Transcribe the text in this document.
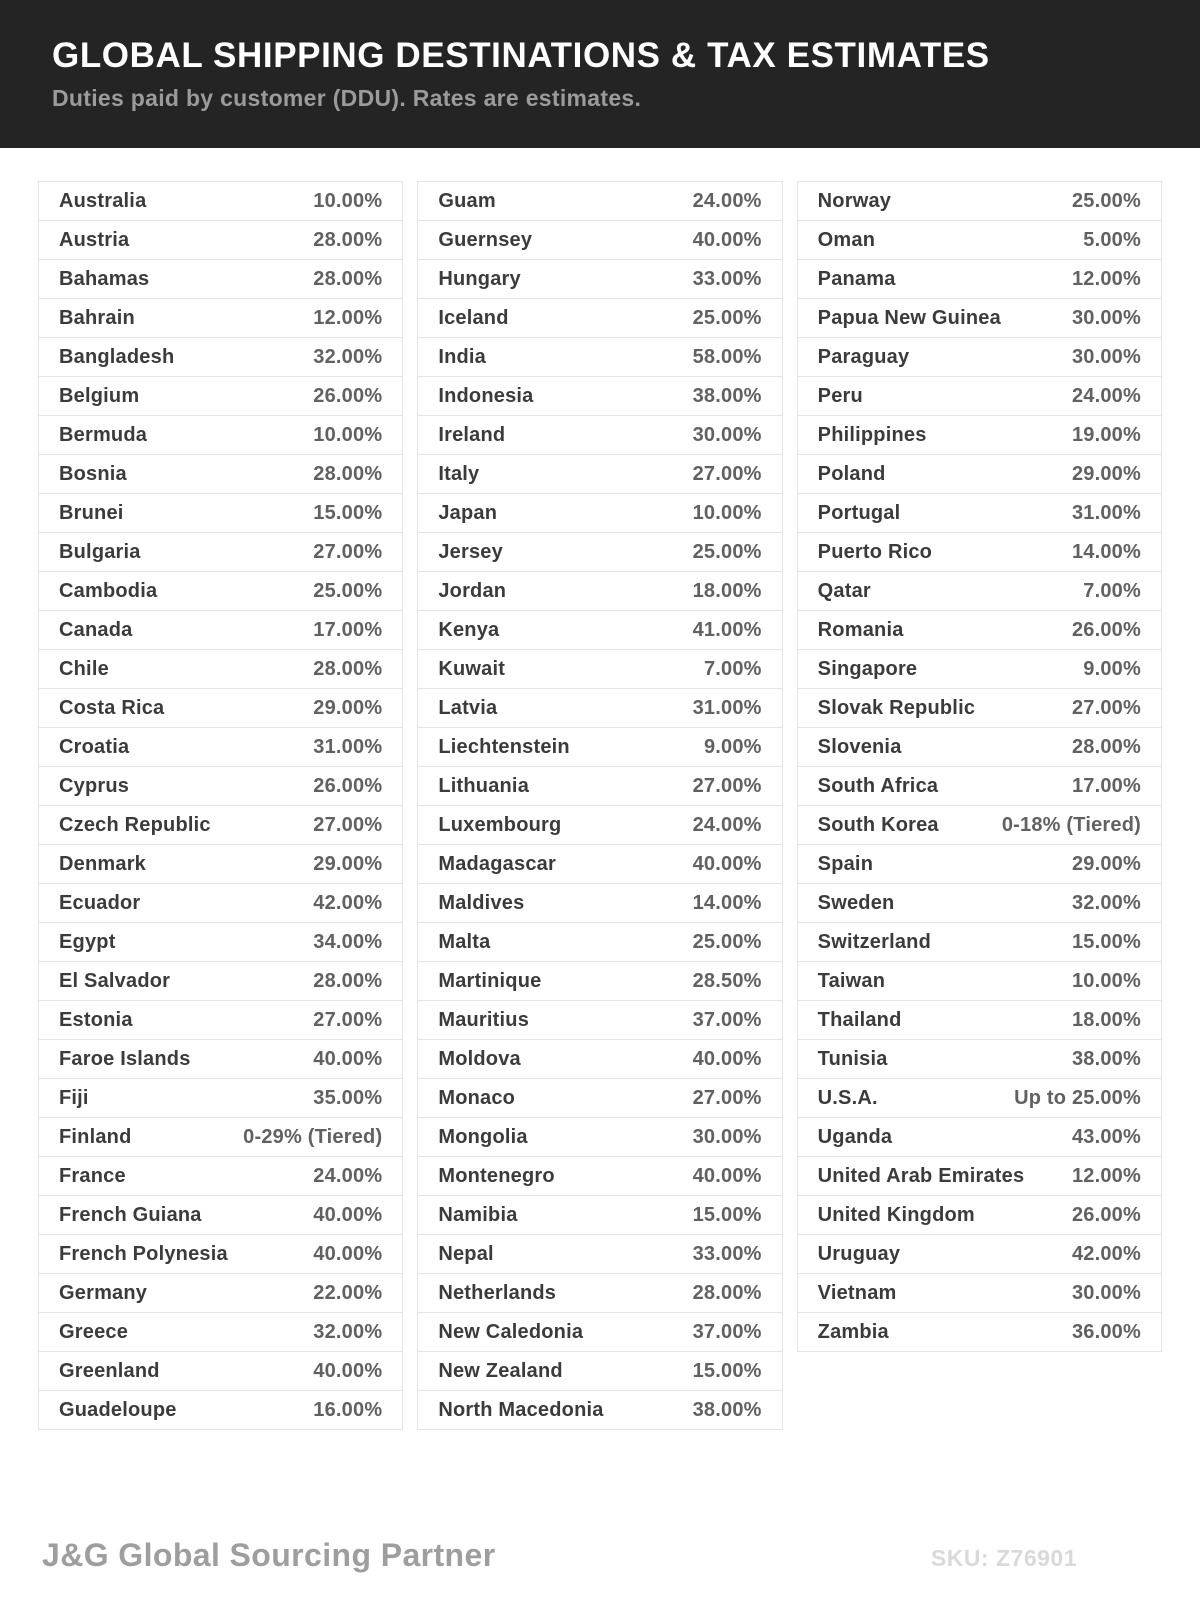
GLOBAL SHIPPING DESTINATIONS & TAX ESTIMATES
Duties paid by customer (DDU). Rates are estimates.
Australia	10.00%
Austria	28.00%
Bahamas	28.00%
Bahrain	12.00%
Bangladesh	32.00%
Belgium	26.00%
Bermuda	10.00%
Bosnia	28.00%
Brunei	15.00%
Bulgaria	27.00%
Cambodia	25.00%
Canada	17.00%
Chile	28.00%
Costa Rica	29.00%
Croatia	31.00%
Cyprus	26.00%
Czech Republic	27.00%
Denmark	29.00%
Ecuador	42.00%
Egypt	34.00%
El Salvador	28.00%
Estonia	27.00%
Faroe Islands	40.00%
Fiji	35.00%
Finland	0-29% (Tiered)
France	24.00%
French Guiana	40.00%
French Polynesia	40.00%
Germany	22.00%
Greece	32.00%
Greenland	40.00%
Guadeloupe	16.00%
Guam	24.00%
Guernsey	40.00%
Hungary	33.00%
Iceland	25.00%
India	58.00%
Indonesia	38.00%
Ireland	30.00%
Italy	27.00%
Japan	10.00%
Jersey	25.00%
Jordan	18.00%
Kenya	41.00%
Kuwait	7.00%
Latvia	31.00%
Liechtenstein	9.00%
Lithuania	27.00%
Luxembourg	24.00%
Madagascar	40.00%
Maldives	14.00%
Malta	25.00%
Martinique	28.50%
Mauritius	37.00%
Moldova	40.00%
Monaco	27.00%
Mongolia	30.00%
Montenegro	40.00%
Namibia	15.00%
Nepal	33.00%
Netherlands	28.00%
New Caledonia	37.00%
New Zealand	15.00%
North Macedonia	38.00%
Norway	25.00%
Oman	5.00%
Panama	12.00%
Papua New Guinea	30.00%
Paraguay	30.00%
Peru	24.00%
Philippines	19.00%
Poland	29.00%
Portugal	31.00%
Puerto Rico	14.00%
Qatar	7.00%
Romania	26.00%
Singapore	9.00%
Slovak Republic	27.00%
Slovenia	28.00%
South Africa	17.00%
South Korea	0-18% (Tiered)
Spain	29.00%
Sweden	32.00%
Switzerland	15.00%
Taiwan	10.00%
Thailand	18.00%
Tunisia	38.00%
U.S.A.	Up to 25.00%
Uganda	43.00%
United Arab Emirates 12.00%
United Kingdom	26.00%
Uruguay	42.00%
Vietnam	30.00%
Zambia	36.00%
J&G Global Sourcing Partner	SKU: Z76901
